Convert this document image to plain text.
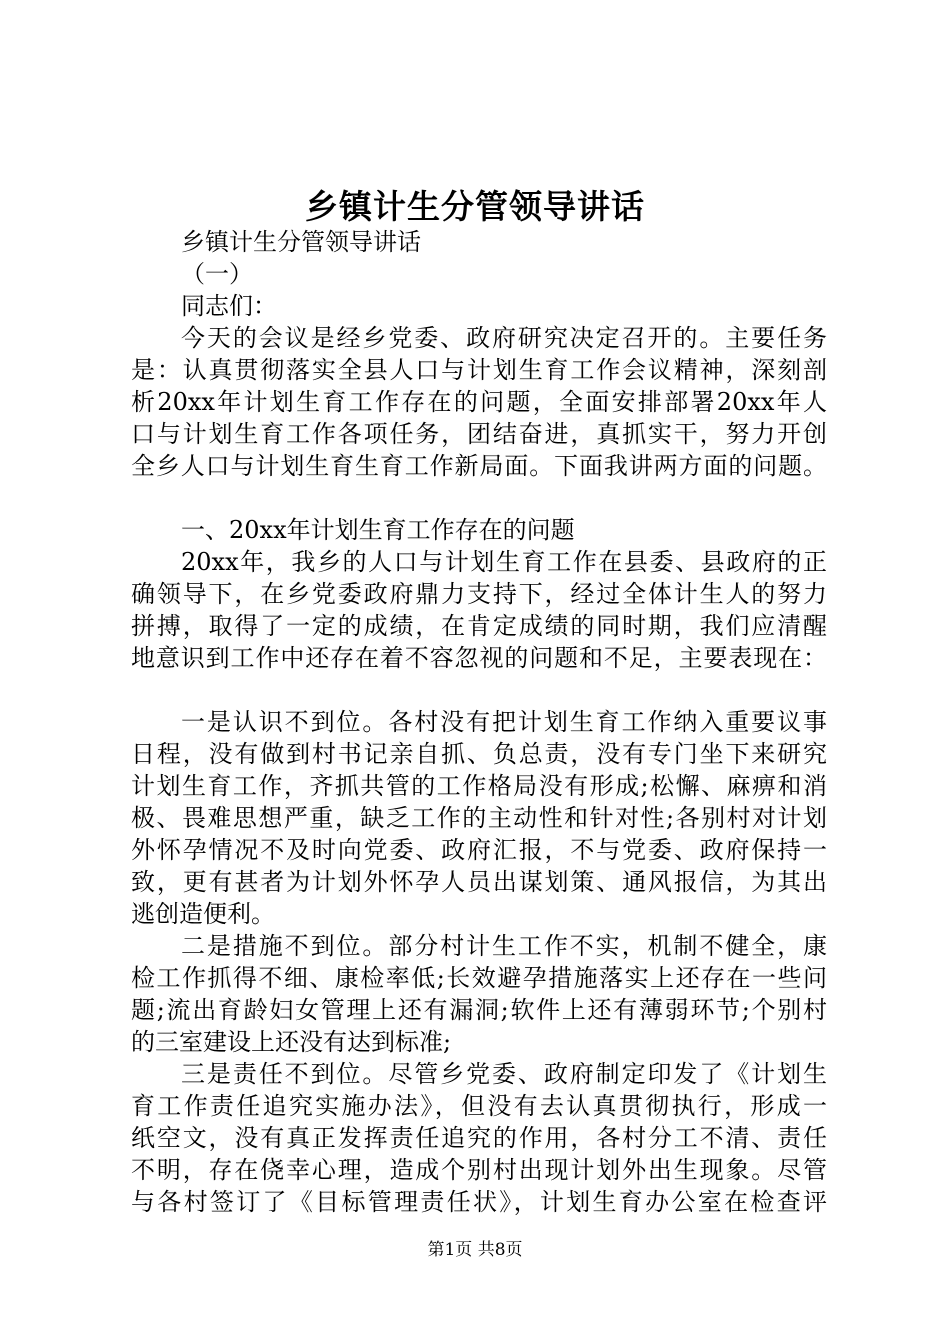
乡镇计生分管领导讲话
乡镇计生分管领导讲话
（一）
同志们：
今天的会议是经乡党委、政府研究决定召开的。主要任务
是：认真贯彻落实全县人口与计划生育工作会议精神，深刻剖
析20xx年计划生育工作存在的问题，全面安排部署20xx年人
口与计划生育工作各项任务，团结奋进，真抓实干，努力开创
全乡人口与计划生育生育工作新局面。下面我讲两方面的问题。
一、20xx年计划生育工作存在的问题
20xx年，我乡的人口与计划生育工作在县委、县政府的正
确领导下，在乡党委政府鼎力支持下，经过全体计生人的努力
拼搏，取得了一定的成绩，在肯定成绩的同时期，我们应清醒
地意识到工作中还存在着不容忽视的问题和不足，主要表现在：
一是认识不到位。各村没有把计划生育工作纳入重要议事
日程，没有做到村书记亲自抓、负总责，没有专门坐下来研究
计划生育工作，齐抓共管的工作格局没有形成;松懈、麻痹和消
极、畏难思想严重，缺乏工作的主动性和针对性;各别村对计划
外怀孕情况不及时向党委、政府汇报，不与党委、政府保持一
致，更有甚者为计划外怀孕人员出谋划策、通风报信，为其出
逃创造便利。
二是措施不到位。部分村计生工作不实，机制不健全，康
检工作抓得不细、康检率低;长效避孕措施落实上还存在一些问
题;流出育龄妇女管理上还有漏洞;软件上还有薄弱环节;个别村
的三室建设上还没有达到标准;
三是责任不到位。尽管乡党委、政府制定印发了《计划生
育工作责任追究实施办法》，但没有去认真贯彻执行，形成一
纸空文，没有真正发挥责任追究的作用，各村分工不清、责任
不明，存在侥幸心理，造成个别村出现计划外出生现象。尽管
与各村签订了《目标管理责任状》，计划生育办公室在检查评
第1页 共8页
